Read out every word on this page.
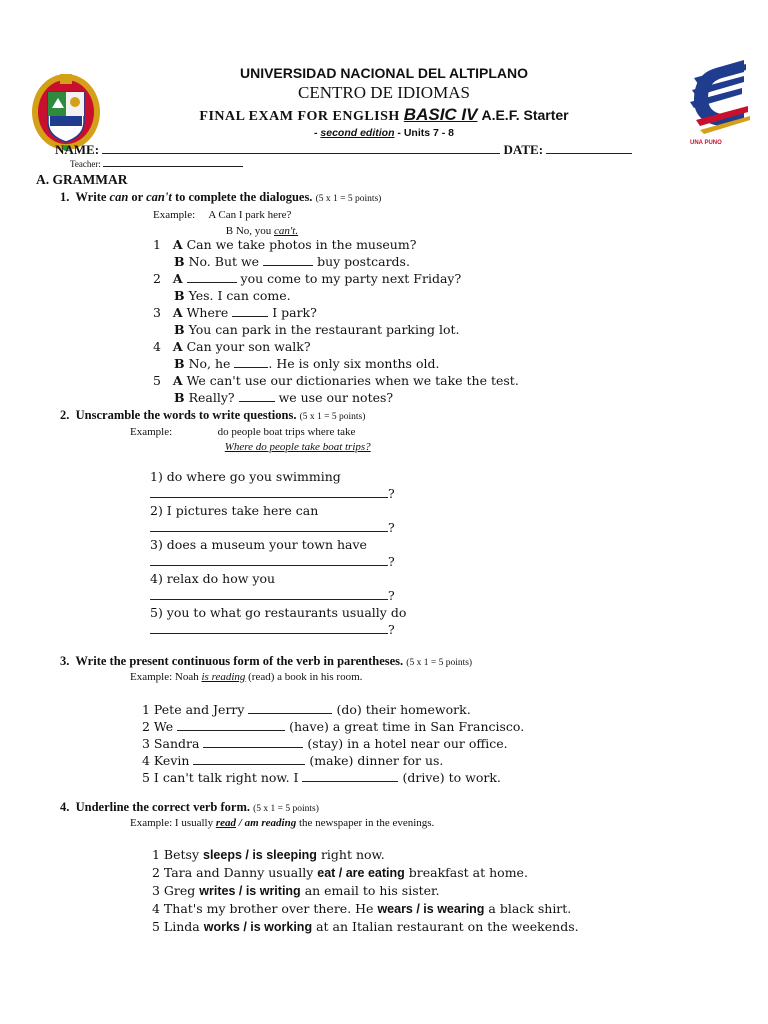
UNA PUNO
UNIVERSIDAD NACIONAL DEL ALTIPLANO
CENTRO DE IDIOMAS
FINAL EXAM FOR ENGLISH BASIC IV A.E.F. Starter
- second edition - Units 7 - 8
NAME:	DATE:
Teacher:
A. GRAMMAR
1. Write can or can't to complete the dialogues. (5 x 1 = 5 points)
Example: A Can I park here?
B No, you can't.
1 A Can we take photos in the museum?
B No. But we	buy postcards.
2 A	you come to my party next Friday?
B Yes. I can come.
3 A Where	I park?
B You can park in the restaurant parking lot.
4 A Can your son walk?
B No, he	. He is only six months old.
5 A We can't use our dictionaries when we take the test.
B Really?	we use our notes?
2. Unscramble the words to write questions. (5 x 1 = 5 points)
Example:	do people boat trips where take
Where do people take boat trips?
1) do where go you swimming
?
2) I pictures take here can
?
3) does a museum your town have
?
4) relax do how you
?
5) you to what go restaurants usually do
?
3. Write the present continuous form of the verb in parentheses. (5 x 1 = 5 points)
Example: Noah is reading (read) a book in his room.
1 Pete and Jerry	(do) their homework.
2 We	(have) a great time in San Francisco.
3 Sandra	(stay) in a hotel near our office.
4 Kevin	(make) dinner for us.
5 I can't talk right now. I	(drive) to work.
4. Underline the correct verb form. (5 x 1 = 5 points)
Example: I usually read / am reading the newspaper in the evenings.
1 Betsy sleeps / is sleeping right now.
2 Tara and Danny usually eat / are eating breakfast at home.
3 Greg writes / is writing an email to his sister.
4 That's my brother over there. He wears / is wearing a black shirt.
5 Linda works / is working at an Italian restaurant on the weekends.
